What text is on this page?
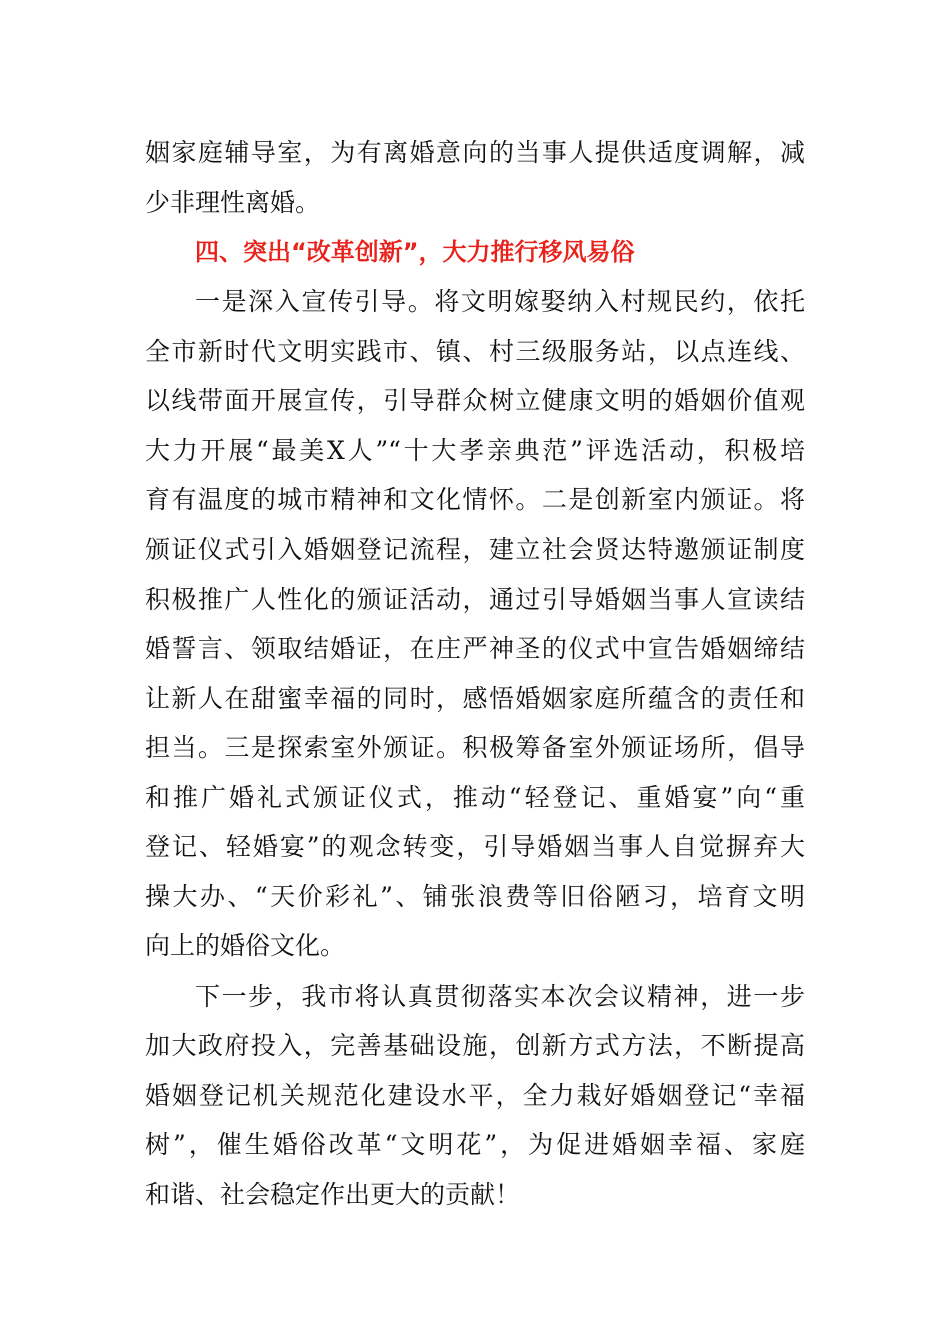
姻家庭辅导室，为有离婚意向的当事人提供适度调解，减
少非理性离婚。
四、突出“改革创新”，大力推行移风易俗
一是深入宣传引导。将文明嫁娶纳入村规民约，依托
全市新时代文明实践市、镇、村三级服务站，以点连线、
以线带面开展宣传，引导群众树立健康文明的婚姻价值观
大力开展“最美X人”“十大孝亲典范”评选活动，积极培
育有温度的城市精神和文化情怀。二是创新室内颁证。将
颁证仪式引入婚姻登记流程，建立社会贤达特邀颁证制度
积极推广人性化的颁证活动，通过引导婚姻当事人宣读结
婚誓言、领取结婚证，在庄严神圣的仪式中宣告婚姻缔结
让新人在甜蜜幸福的同时，感悟婚姻家庭所蕴含的责任和
担当。三是探索室外颁证。积极筹备室外颁证场所，倡导
和推广婚礼式颁证仪式，推动“轻登记、重婚宴”向“重
登记、轻婚宴”的观念转变，引导婚姻当事人自觉摒弃大
操大办、“天价彩礼”、铺张浪费等旧俗陋习，培育文明
向上的婚俗文化。
下一步，我市将认真贯彻落实本次会议精神，进一步
加大政府投入，完善基础设施，创新方式方法，不断提高
婚姻登记机关规范化建设水平，全力栽好婚姻登记“幸福
树”，催生婚俗改革“文明花”，为促进婚姻幸福、家庭
和谐、社会稳定作出更大的贡献！
